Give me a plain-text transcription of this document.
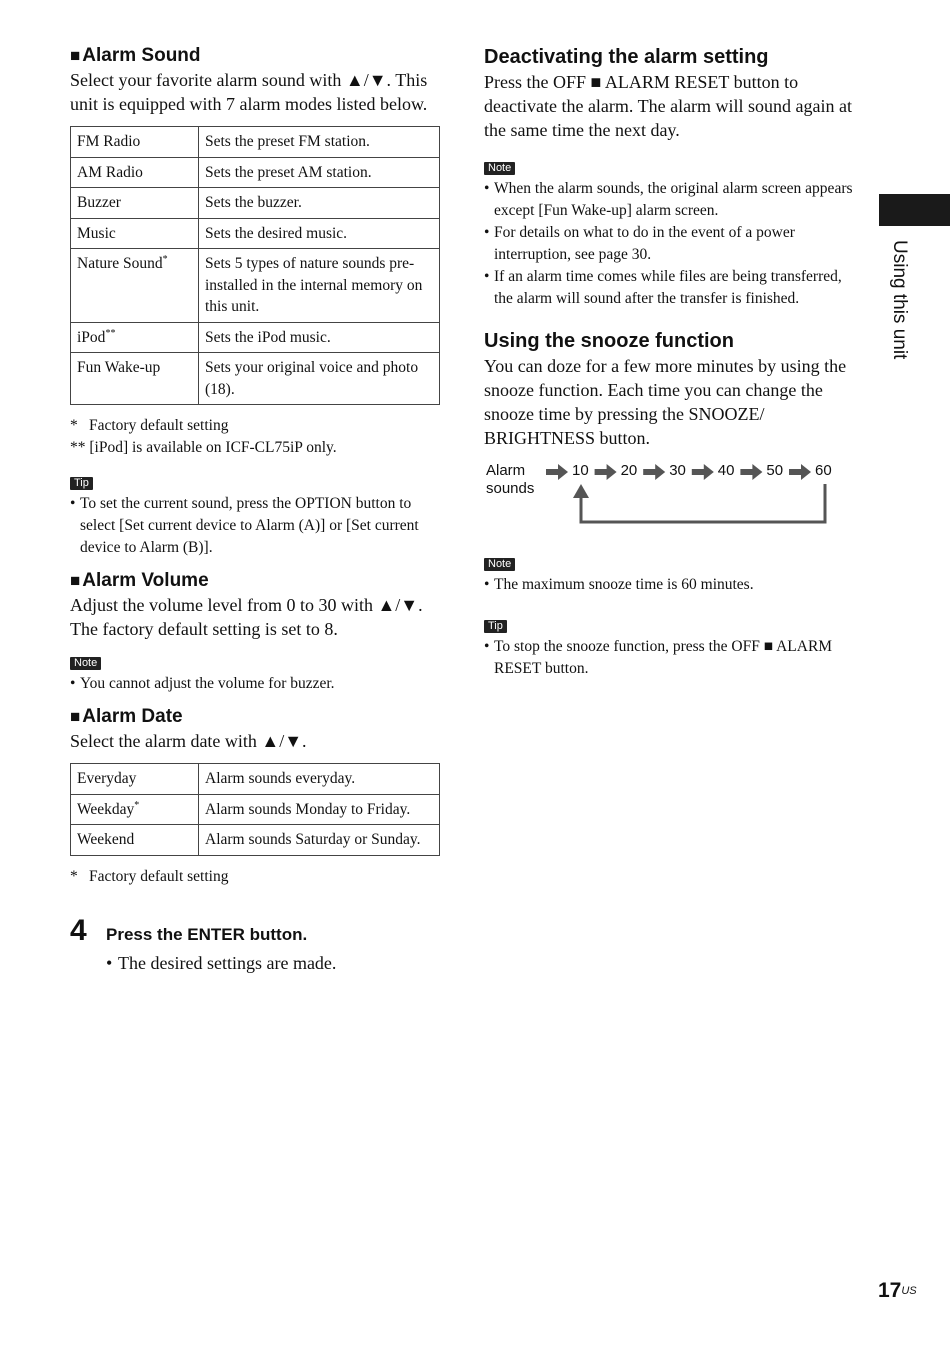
■ Alarm Sound

Select your favorite alarm sound with ▲/▼. This unit is equipped with 7 alarm modes listed below.

FM Radio	Sets the preset FM station.
AM Radio	Sets the preset AM station.
Buzzer	Sets the buzzer.
Music	Sets the desired music.
Nature Sound*	Sets 5 types of nature sounds pre-installed in the internal memory on this unit.
iPod**	Sets the iPod music.
Fun Wake-up	Sets your original voice and photo (18).
* Factory default setting
** [iPod] is available on ICF-CL75iP only.
Tip
• To set the current sound, press the OPTION button to select [Set current device to Alarm (A)] or [Set current device to Alarm (B)].
■ Alarm Volume

Adjust the volume level from 0 to 30 with ▲/▼. The factory default setting is set to 8.

Note
• You cannot adjust the volume for buzzer.
■ Alarm Date

Select the alarm date with ▲/▼.

Everyday	Alarm sounds everyday.
Weekday*	Alarm sounds Monday to Friday.
Weekend	Alarm sounds Saturday or Sunday.
* Factory default setting
4 Press the ENTER button.
• The desired settings are made.
Deactivating the alarm setting

Press the OFF ■ ALARM RESET button to deactivate the alarm. The alarm will sound again at the same time the next day.

Note
• When the alarm sounds, the original alarm screen appears except [Fun Wake-up] alarm screen.
• For details on what to do in the event of a power interruption, see page 30.
• If an alarm time comes while files are being transferred, the alarm will sound after the transfer is finished.
Using the snooze function

You can doze for a few more minutes by using the snooze function. Each time you can change the snooze time by pressing the SNOOZE/ BRIGHTNESS button.

Alarm
sounds
10 20 30 40 50 60
Note
• The maximum snooze time is 60 minutes.
Tip
• To stop the snooze function, press the OFF ■ ALARM RESET button.
Using this unit
$17^{US}$
